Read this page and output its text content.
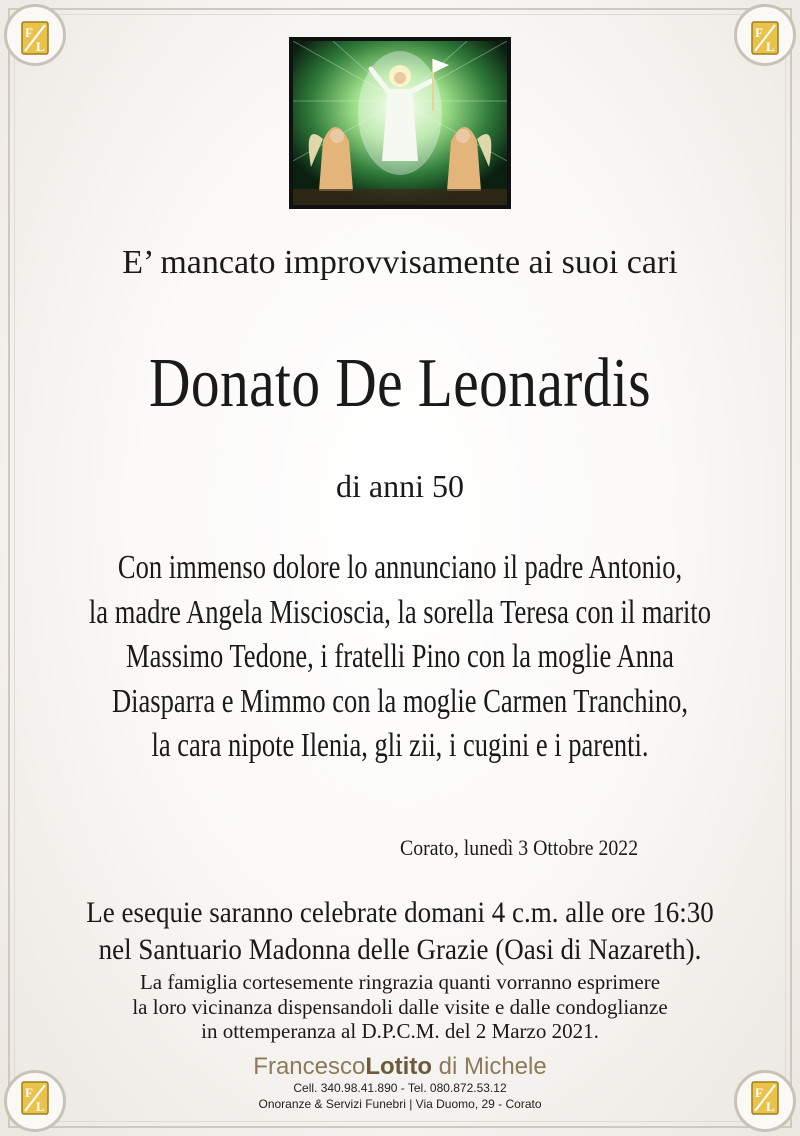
F
L
F
L
F
L
F
L
E’ mancato improvvisamente ai suoi cari
Donato De Leonardis
di anni 50
Con immenso dolore lo annunciano il padre Antonio,
la madre Angela Miscioscia, la sorella Teresa con il marito
Massimo Tedone, i fratelli Pino con la moglie Anna
Diasparra e Mimmo con la moglie Carmen Tranchino,
la cara nipote Ilenia, gli zii, i cugini e i parenti.
Corato, lunedì 3 Ottobre 2022
Le esequie saranno celebrate domani 4 c.m. alle ore 16:30
nel Santuario Madonna delle Grazie (Oasi di Nazareth).
La famiglia cortesemente ringrazia quanti vorranno esprimere
la loro vicinanza dispensandoli dalle visite e dalle condoglianze
in ottemperanza al D.P.C.M. del 2 Marzo 2021.
FrancescoLotito di Michele
Cell. 340.98.41.890 - Tel. 080.872.53.12
Onoranze & Servizi Funebri | Via Duomo, 29 - Corato
